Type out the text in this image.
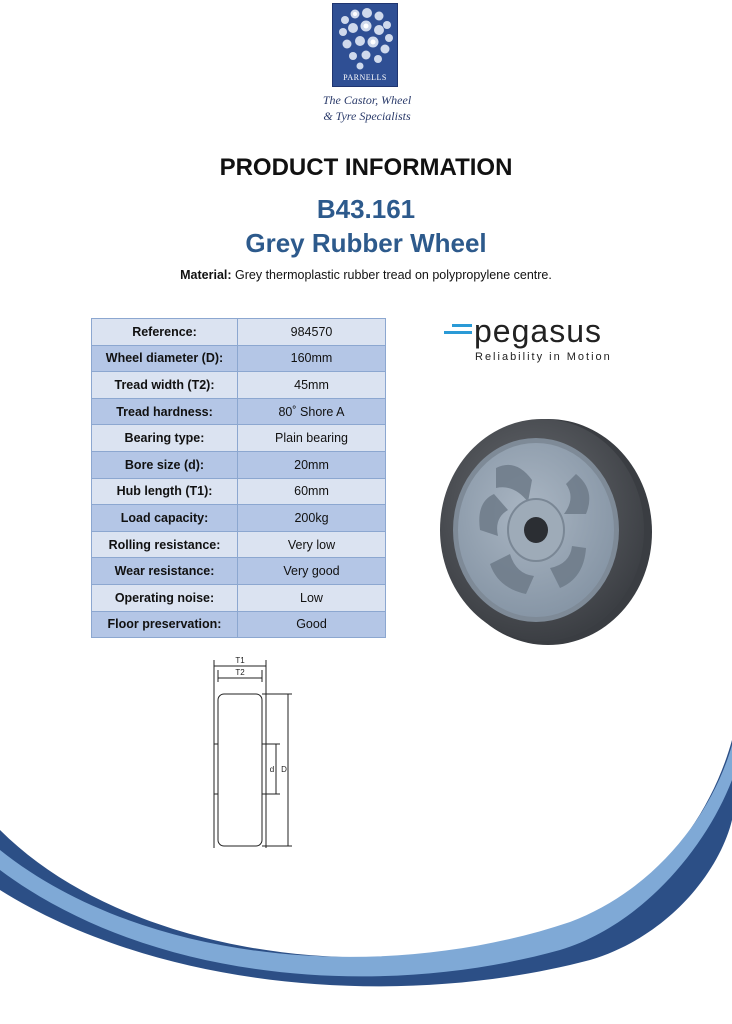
PARNELLS
The Castor, Wheel
& Tyre Specialists
PRODUCT INFORMATION
B43.161
Grey Rubber Wheel
Material: Grey thermoplastic rubber tread on polypropylene centre.
Reference:	984570
Wheel diameter (D):	160mm
Tread width (T2):	45mm
Tread hardness:	80˚ Shore A
Bearing type:	Plain bearing
Bore size (d):	20mm
Hub length (T1):	60mm
Load capacity:	200kg
Rolling resistance:	Very low
Wear resistance:	Very good
Operating noise:	Low
Floor preservation:	Good
pegasus
Reliability in Motion
T1
T2
d D
